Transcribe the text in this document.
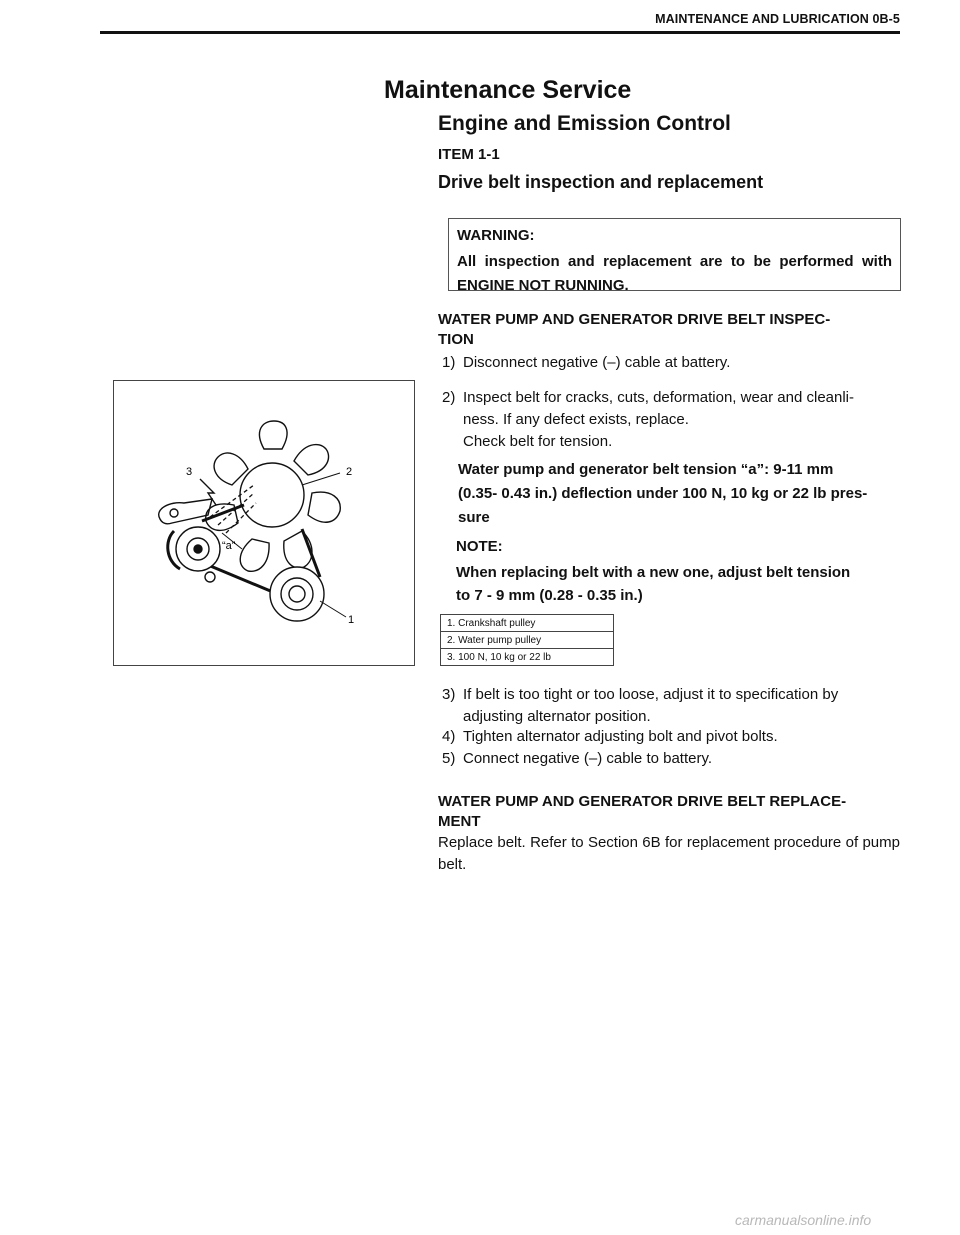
MAINTENANCE AND LUBRICATION 0B-5
Maintenance Service
Engine and Emission Control
ITEM 1-1
Drive belt inspection and replacement
WARNING:
All inspection and replacement are to be performed with ENGINE NOT RUNNING.
WATER PUMP AND GENERATOR DRIVE BELT INSPEC-
TION
1) Disconnect negative (–) cable at battery.
2) Inspect belt for cracks, cuts, deformation, wear and cleanli-
ness. If any defect exists, replace.
Check belt for tension.
Water pump and generator belt tension “a”: 9-11 mm
(0.35- 0.43 in.) deflection under 100 N, 10 kg or 22 lb pres-
sure
NOTE:
When replacing belt with a new one, adjust belt tension
to 7 - 9 mm (0.28 - 0.35 in.)
1. Crankshaft pulley
2. Water pump pulley
3. 100 N, 10 kg or 22 lb
3	2
1
“a”
3) If belt is too tight or too loose, adjust it to specification by
adjusting alternator position.
4) Tighten alternator adjusting bolt and pivot bolts.
5) Connect negative (–) cable to battery.
WATER PUMP AND GENERATOR DRIVE BELT REPLACE-
MENT
Replace belt. Refer to Section 6B for replacement procedure of pump belt.
carmanualsonline.info
